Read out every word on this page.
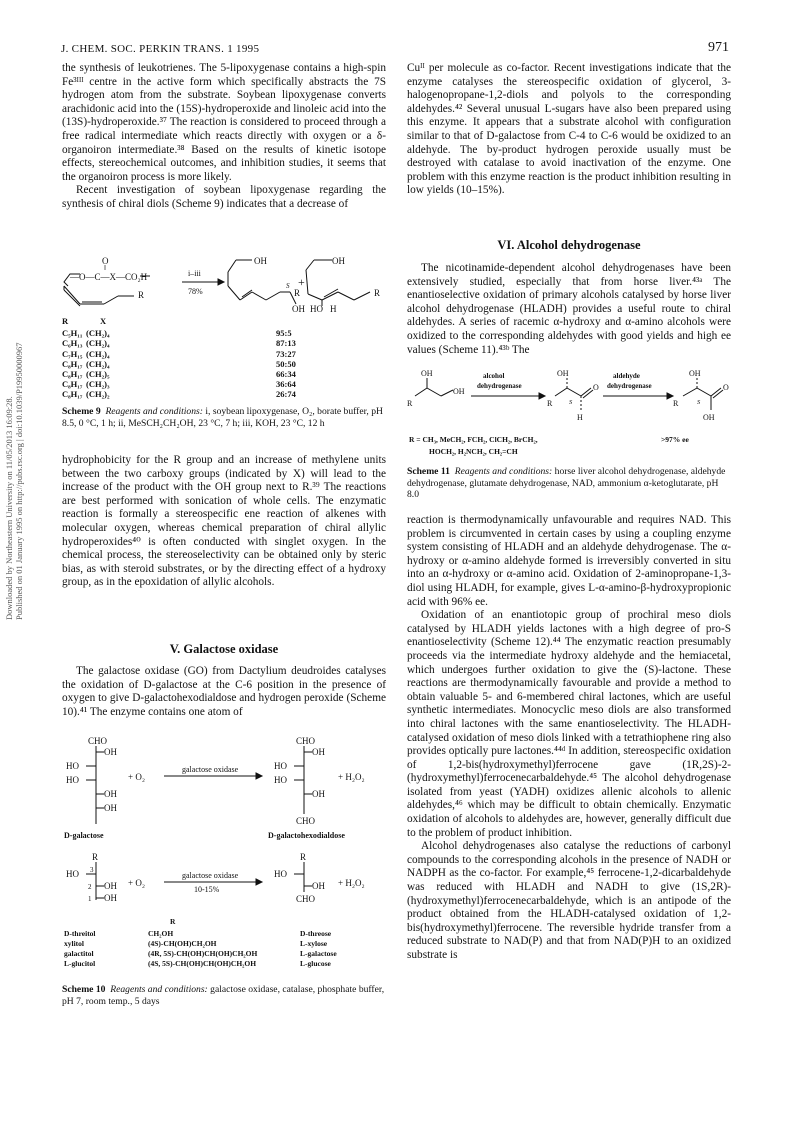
J. CHEM. SOC. PERKIN TRANS. 1 1995	971
Downloaded by Northeastern University on 11/05/2013 16:09:28. Published on 01 January 1995 on http://pubs.rsc.org | doi:10.1039/P19950000967

the synthesis of leukotrienes. The 5-lipoxygenase contains a high-spin Fe³ᴵᴵᴵ centre in the active form which specifically abstracts the 7S hydrogen atom from the substrate. Soybean lipoxygenase converts arachidonic acid into the (15S)-hydroperoxide and linoleic acid into the (13S)-hydroperoxide.³⁷ The reaction is considered to proceed through a free radical intermediate which reacts directly with oxygen or a δ-organoiron intermediate.³⁸ Based on the results of kinetic isotope effects, stereochemical outcomes, and inhibition studies, it seems that the organoiron process is more likely.

Recent investigation of soybean lipoxygenase regarding the synthesis of chiral diols (Scheme 9) indicates that a decrease of

O
‖
—O—C—X—CO₂H
R
i–iii
78%
OH
S
R
+
OH
R
OH HO H
R	X
C₅H₁₁ (CH₂)₄	95:5
C₆H₁₃ (CH₂)₄	87:13
C₇H₁₅ (CH₂)₄	73:27
C₈H₁₇ (CH₂)₄	50:50
C₈H₁₇ (CH₂)₅	66:34
C₈H₁₇ (CH₂)₃	36:64
C₈H₁₇ (CH₂)₂	26:74
Scheme 9 Reagents and conditions: i, soybean lipoxygenase, O₂, borate buffer, pH 8.5, 0 °C, 1 h; ii, MeSCH₂CH₂OH, 23 °C, 7 h; iii, KOH, 23 °C, 12 h

hydrophobicity for the R group and an increase of methylene units between the two carboxy groups (indicated by X) will lead to the increase of the product with the OH group next to R.³⁹ The reactions are best performed with sonication of whole cells. The enzymatic reaction is formally a stereospecific ene reaction of alkenes with molecular oxygen, whereas chemical preparation of chiral allylic hydroperoxides⁴⁰ is often conducted with singlet oxygen. In the chemical process, the stereoselectivity can be obtained only by steric bias, as with steroid substrates, or by the directing effect of a hydroxy group, as in the epoxidation of allylic alcohols.

V. Galactose oxidase

The galactose oxidase (GO) from Dactylium deudroides catalyses the oxidation of D-galactose at the C-6 position in the presence of oxygen to give D-galactohexodialdose and hydrogen peroxide (Scheme 10).⁴¹ The enzyme contains one atom of

CHO
OH
HO
HO
OH
OH
+ O₂
galactose oxidase
CHO
OH
HO
HO
OH
CHO
+ H₂O₂
D-galactose	D-galactohexodialdose
R
HO 3
2
1
OH
OH
+ O₂
galactose oxidase
10-15%
R
HO
OH
CHO
+ H₂O₂
R
D-threitol	CH₂OH	D-threose
xylitol	(4S)-CH(OH)CH₂OH	L-xylose
galactitol	(4R, 5S)-CH(OH)CH(OH)CH₂OH	L-galactose
L-glucitol	(4S, 5S)-CH(OH)CH(OH)CH₂OH	L-glucose
Scheme 10 Reagents and conditions: galactose oxidase, catalase, phosphate buffer, pH 7, room temp., 5 days

Cuᴵᴵ per molecule as co-factor. Recent investigations indicate that the enzyme catalyses the stereospecific oxidation of glycerol, 3-halogenopropane-1,2-diols and polyols to the corresponding aldehydes.⁴² Several unusual L-sugars have also been prepared using this enzyme. It appears that a substrate alcohol with configuration similar to that of D-galactose from C-4 to C-6 would be oxidized to an aldehyde. The by-product hydrogen peroxide usually must be destroyed with catalase to avoid inactivation of the enzyme. One problem with this enzyme reaction is the product inhibition resulting in low yields (10–15%).

VI. Alcohol dehydrogenase

The nicotinamide-dependent alcohol dehydrogenases have been extensively studied, especially that from horse liver.⁴³ᵃ The enantioselective oxidation of primary alcohols catalysed by horse liver alcohol dehydrogenase (HLADH) provides a useful route to chiral aldehydes. A series of racemic α-hydroxy and α-amino alcohols were oxidized to the corresponding aldehydes with good yields and high ee values (Scheme 11).⁴³ᵇ The

OH
R
OH
alcohol
dehydrogenase
OH
R	S
O
H
aldehyde
dehydrogenase
OH
R	S
O
OH
R = CH₃, MeCH₂, FCH₂, ClCH₂, BrCH₂,	>97% ee
HOCH₂, H₂NCH₂, CH₂=CH
Scheme 11 Reagents and conditions: horse liver alcohol dehydrogenase, aldehyde dehydrogenase, glutamate dehydrogenase, NAD, ammonium α-ketoglutarate, pH 8.0

reaction is thermodynamically unfavourable and requires NAD. This problem is circumvented in certain cases by using a coupling enzyme system consisting of HLADH and an aldehyde dehydrogenase. The α-hydroxy or α-amino aldehyde formed is irreversibly converted in situ into an α-hydroxy or α-amino acid. Oxidation of 2-aminopropane-1,3-diol using HLADH, for example, gives L-α-amino-β-hydroxypropionic acid with 96% ee.

Oxidation of an enantiotopic group of prochiral meso diols catalysed by HLADH yields lactones with a high degree of pro-S enantioselectivity (Scheme 12).⁴⁴ The enzymatic reaction presumably proceeds via the intermediate hydroxy aldehyde and the hemiacetal, which undergoes further oxidation to give the (S)-lactone. These reactions are thermodynamically favourable and provide a method to obtain valuable 5- and 6-membered chiral lactones, which are useful synthetic intermediates. Monocyclic meso diols are also transformed into chiral lactones with the same enantioselectivity. The HLADH-catalysed oxidation of meso diols linked with a tetrathiophene ring also provides optically pure lactones.⁴⁴ᵈ In addition, stereospecific oxidation of 1,2-bis(hydroxymethyl)ferrocene gave (1R,2S)-2-(hydroxymethyl)ferrocenecarbaldehyde.⁴⁵ The alcohol dehydrogenase isolated from yeast (YADH) oxidizes allenic alcohols to allenic aldehydes,⁴⁶ which may be difficult to obtain chemically. Enzymatic oxidation of alcohols to aldehydes are, however, generally difficult due to the problem of product inhibition.

Alcohol dehydrogenases also catalyse the reductions of carbonyl compounds to the corresponding alcohols in the presence of NADH or NADPH as the co-factor. For example,⁴⁵ ferrocene-1,2-dicarbaldehyde was reduced with HLADH and NADH to give (1S,2R)-(hydroxymethyl)ferrocenecarbaldehyde, which is an antipode of the product obtained from the HLADH-catalysed oxidation of 1,2-bis(hydroxymethyl)ferrocene. The reversible hydride transfer from a reduced substrate to NAD(P) and that from NAD(P)H to an oxidized substrate is
